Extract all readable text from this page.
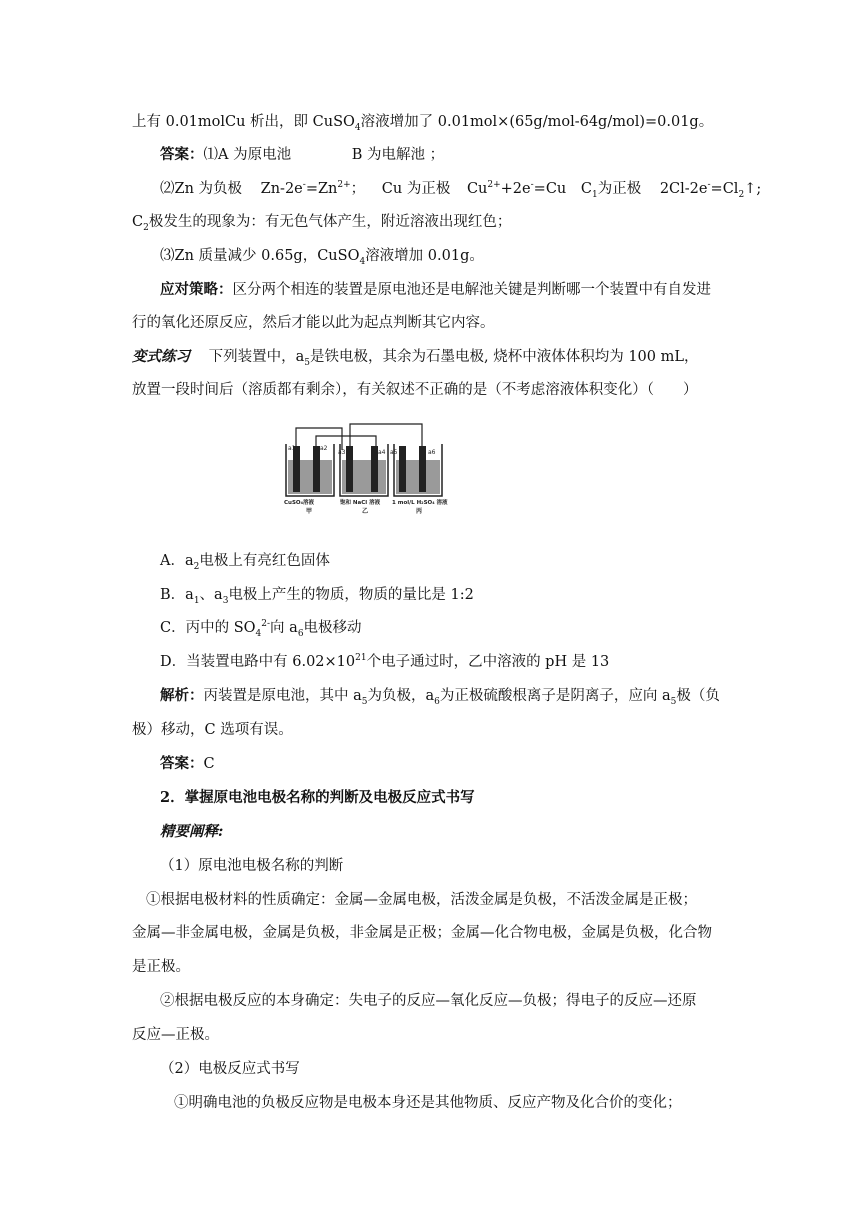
上有 0.01molCu 析出，即 CuSO$_4$溶液增加了 0.01mol×(65g/mol-64g/mol)=0.01g。
答案：⑴A 为原电池	B 为电解池 ；
⑵Zn 为负极 $Zn-2e^-=Zn^{2+}$； Cu 为正极 $Cu^{2+}+2e^-=Cu$ $C_1$为正极 $2Cl-2e^-=Cl_2↑$;
$C_2$极发生的现象为：有无色气体产生，附近溶液出现红色；
⑶Zn 质量减少 0.65g，CuSO$_4$溶液增加 0.01g。
应对策略：区分两个相连的装置是原电池还是电解池关键是判断哪一个装置中有自发进
行的氧化还原反应，然后才能以此为起点判断其它内容。
变式练习 下列装置中，$a_5$是铁电极，其余为石墨电极, 烧杯中液体体积均为 100 mL，
放置一段时间后（溶质都有剩余），有关叙述不正确的是（不考虑溶液体积变化）（　　）
a1	a2
a3	a4 a5	a6
CuSO₄溶液	饱和 NaCl 溶液 1 mol/L H₂SO₄ 溶液
甲	乙	丙
A．$a_2$电极上有亮红色固体
B．$a_1$、$a_3$电极上产生的物质，物质的量比是 1:2
C．丙中的 $SO_4^{2-}$向 $a_6$电极移动
D．当装置电路中有 $6.02\times 10^{21}$个电子通过时，乙中溶液的 pH 是 13
解析：丙装置是原电池，其中 $a_5$为负极，$a_6$为正极硫酸根离子是阴离子，应向 $a_5$极（负
极）移动，C 选项有误。
答案：C
2．掌握原电池电极名称的判断及电极反应式书写
精要阐释:
（1）原电池电极名称的判断
①根据电极材料的性质确定：金属—金属电极，活泼金属是负极，不活泼金属是正极；
金属—非金属电极，金属是负极，非金属是正极；金属—化合物电极，金属是负极，化合物
是正极。
②根据电极反应的本身确定：失电子的反应—氧化反应—负极；得电子的反应—还原
反应—正极。
（2）电极反应式书写
①明确电池的负极反应物是电极本身还是其他物质、反应产物及化合价的变化；
